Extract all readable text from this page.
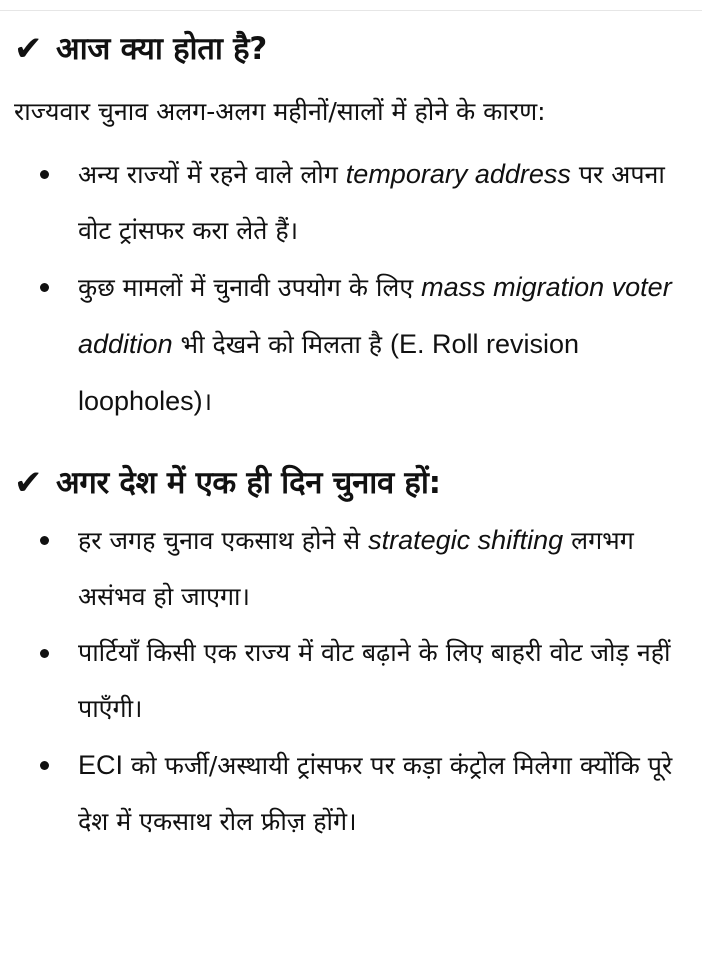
✔ आज क्या होता है?

राज्यवार चुनाव अलग-अलग महीनों/सालों में होने के कारण:

अन्य राज्यों में रहने वाले लोग temporary address पर अपना वोट ट्रांसफर करा लेते हैं।
कुछ मामलों में चुनावी उपयोग के लिए mass migration voter addition भी देखने को मिलता है (E. Roll revision loopholes)।
✔ अगर देश में एक ही दिन चुनाव हों:
हर जगह चुनाव एकसाथ होने से strategic shifting लगभग असंभव हो जाएगा।
पार्टियाँ किसी एक राज्य में वोट बढ़ाने के लिए बाहरी वोट जोड़ नहीं पाएँगी।
ECI को फर्जी/अस्थायी ट्रांसफर पर कड़ा कंट्रोल मिलेगा क्योंकि पूरे देश में एकसाथ रोल फ्रीज़ होंगे।
